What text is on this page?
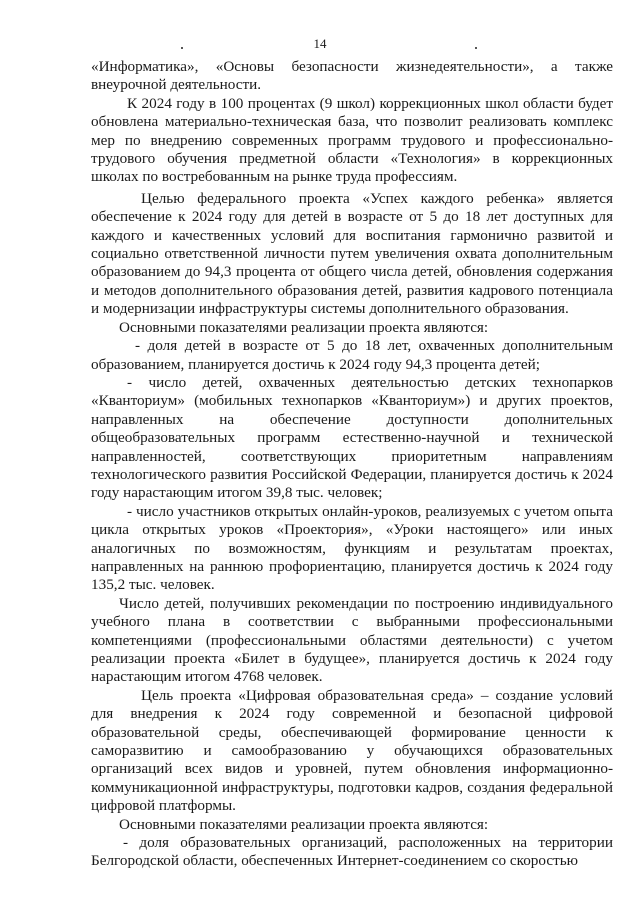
14

«Информатика», «Основы безопасности жизнедеятельности», а также внеурочной деятельности.

К 2024 году в 100 процентах (9 школ) коррекционных школ области будет обновлена материально-техническая база, что позволит реализовать комплекс мер по внедрению современных программ трудового и профессионально-трудового обучения предметной области «Технология» в коррекционных школах по востребованным на рынке труда профессиям.

Целью федерального проекта «Успех каждого ребенка» является обеспечение к 2024 году для детей в возрасте от 5 до 18 лет доступных для каждого и качественных условий для воспитания гармонично развитой и социально ответственной личности путем увеличения охвата дополнительным образованием до 94,3 процента от общего числа детей, обновления содержания и методов дополнительного образования детей, развития кадрового потенциала и модернизации инфраструктуры системы дополнительного образования.

Основными показателями реализации проекта являются:

- доля детей в возрасте от 5 до 18 лет, охваченных дополнительным образованием, планируется достичь к 2024 году 94,3 процента детей;

- число детей, охваченных деятельностью детских технопарков «Кванториум» (мобильных технопарков «Кванториум») и других проектов, направленных на обеспечение доступности дополнительных общеобразовательных программ естественно-научной и технической направленностей, соответствующих приоритетным направлениям технологического развития Российской Федерации, планируется достичь к 2024 году нарастающим итогом 39,8 тыс. человек;

- число участников открытых онлайн-уроков, реализуемых с учетом опыта цикла открытых уроков «Проектория», «Уроки настоящего» или иных аналогичных по возможностям, функциям и результатам проектах, направленных на раннюю профориентацию, планируется достичь к 2024 году 135,2 тыс. человек.

Число детей, получивших рекомендации по построению индивидуального учебного плана в соответствии с выбранными профессиональными компетенциями (профессиональными областями деятельности) с учетом реализации проекта «Билет в будущее», планируется достичь к 2024 году нарастающим итогом 4768 человек.

Цель проекта «Цифровая образовательная среда» – создание условий для внедрения к 2024 году современной и безопасной цифровой образовательной среды, обеспечивающей формирование ценности к саморазвитию и самообразованию у обучающихся образовательных организаций всех видов и уровней, путем обновления информационно-коммуникационной инфраструктуры, подготовки кадров, создания федеральной цифровой платформы.

Основными показателями реализации проекта являются:

- доля образовательных организаций, расположенных на территории Белгородской области, обеспеченных Интернет-соединением со скоростью
